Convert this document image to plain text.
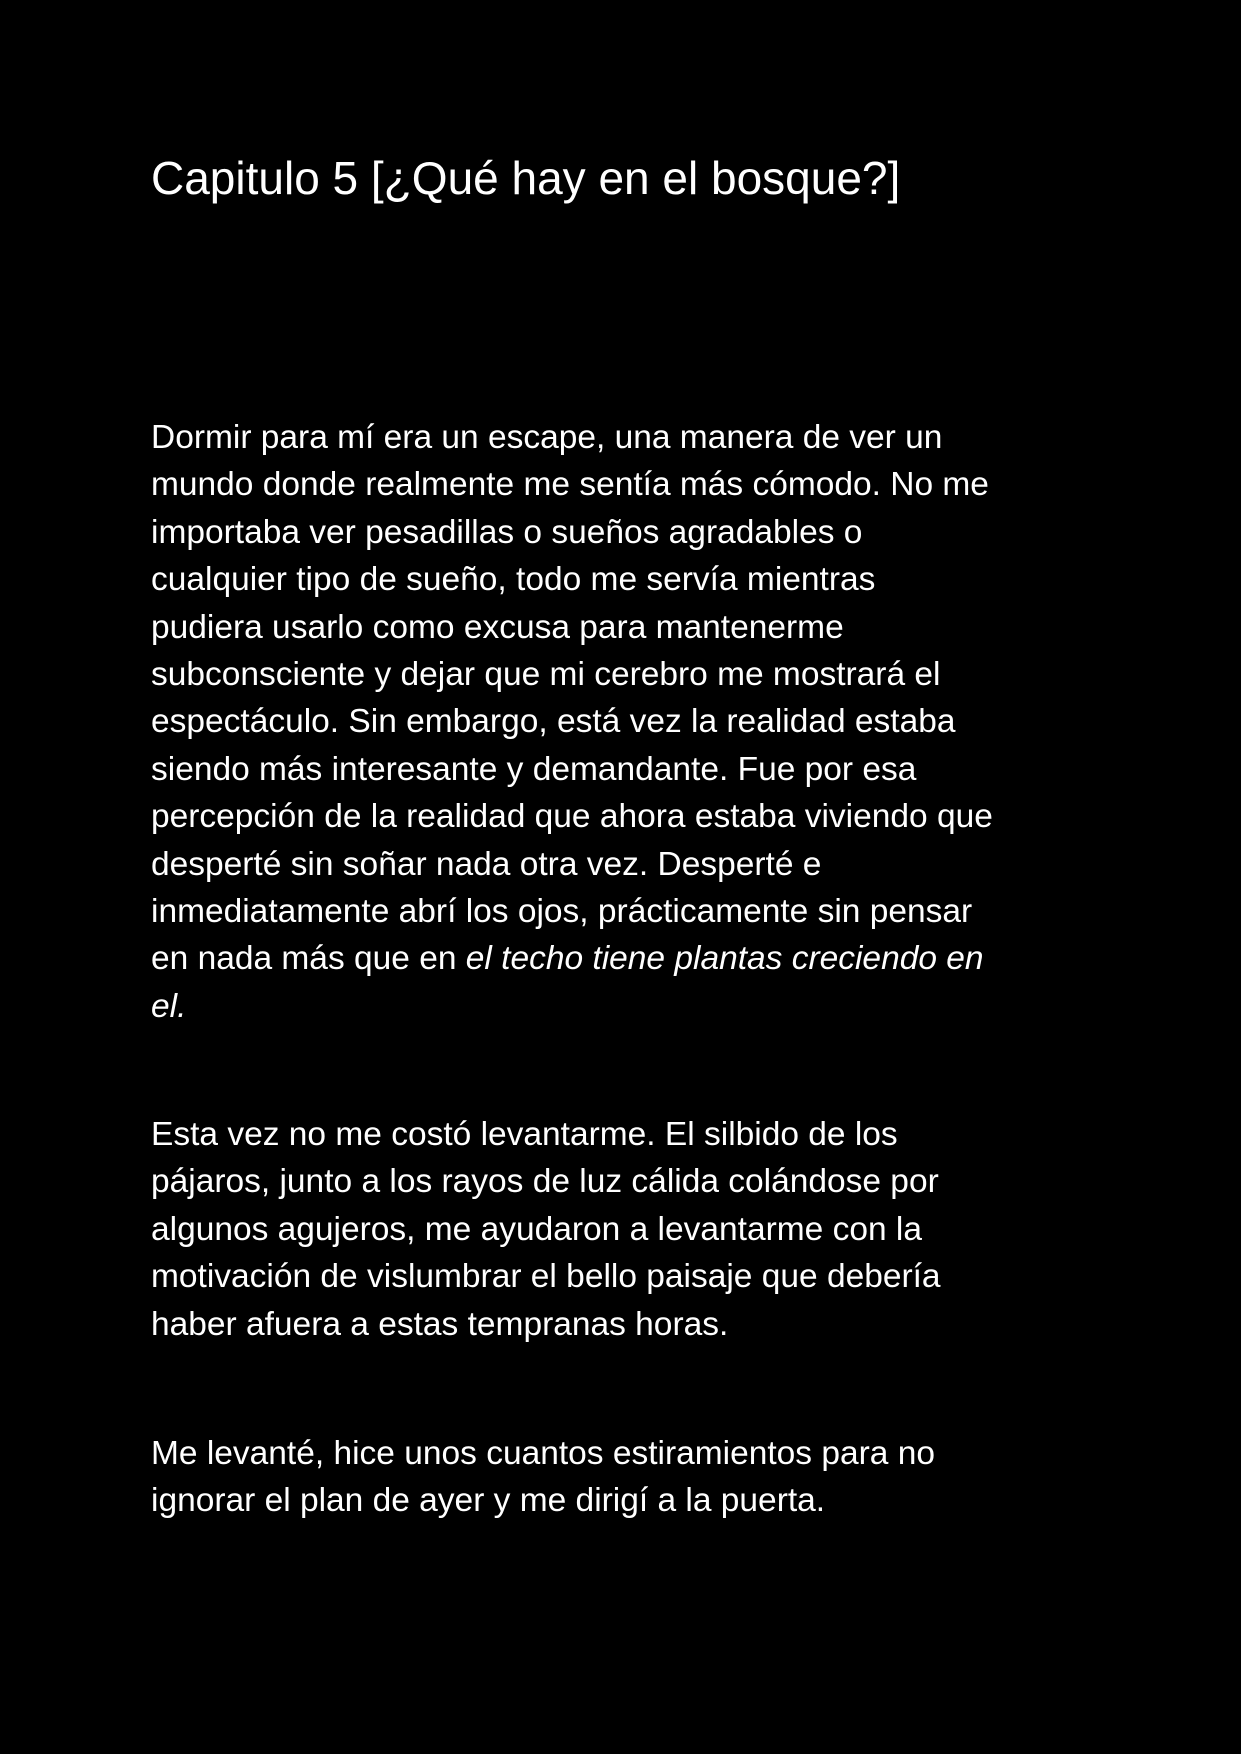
Capitulo 5 [¿Qué hay en el bosque?]

Dormir para mí era un escape, una manera de ver un
mundo donde realmente me sentía más cómodo. No me
importaba ver pesadillas o sueños agradables o
cualquier tipo de sueño, todo me servía mientras
pudiera usarlo como excusa para mantenerme
subconsciente y dejar que mi cerebro me mostrará el
espectáculo. Sin embargo, está vez la realidad estaba
siendo más interesante y demandante. Fue por esa
percepción de la realidad que ahora estaba viviendo que
desperté sin soñar nada otra vez. Desperté e
inmediatamente abrí los ojos, prácticamente sin pensar
en nada más que en el techo tiene plantas creciendo en
el.

Esta vez no me costó levantarme. El silbido de los
pájaros, junto a los rayos de luz cálida colándose por
algunos agujeros, me ayudaron a levantarme con la
motivación de vislumbrar el bello paisaje que debería
haber afuera a estas tempranas horas.

Me levanté, hice unos cuantos estiramientos para no
ignorar el plan de ayer y me dirigí a la puerta.
